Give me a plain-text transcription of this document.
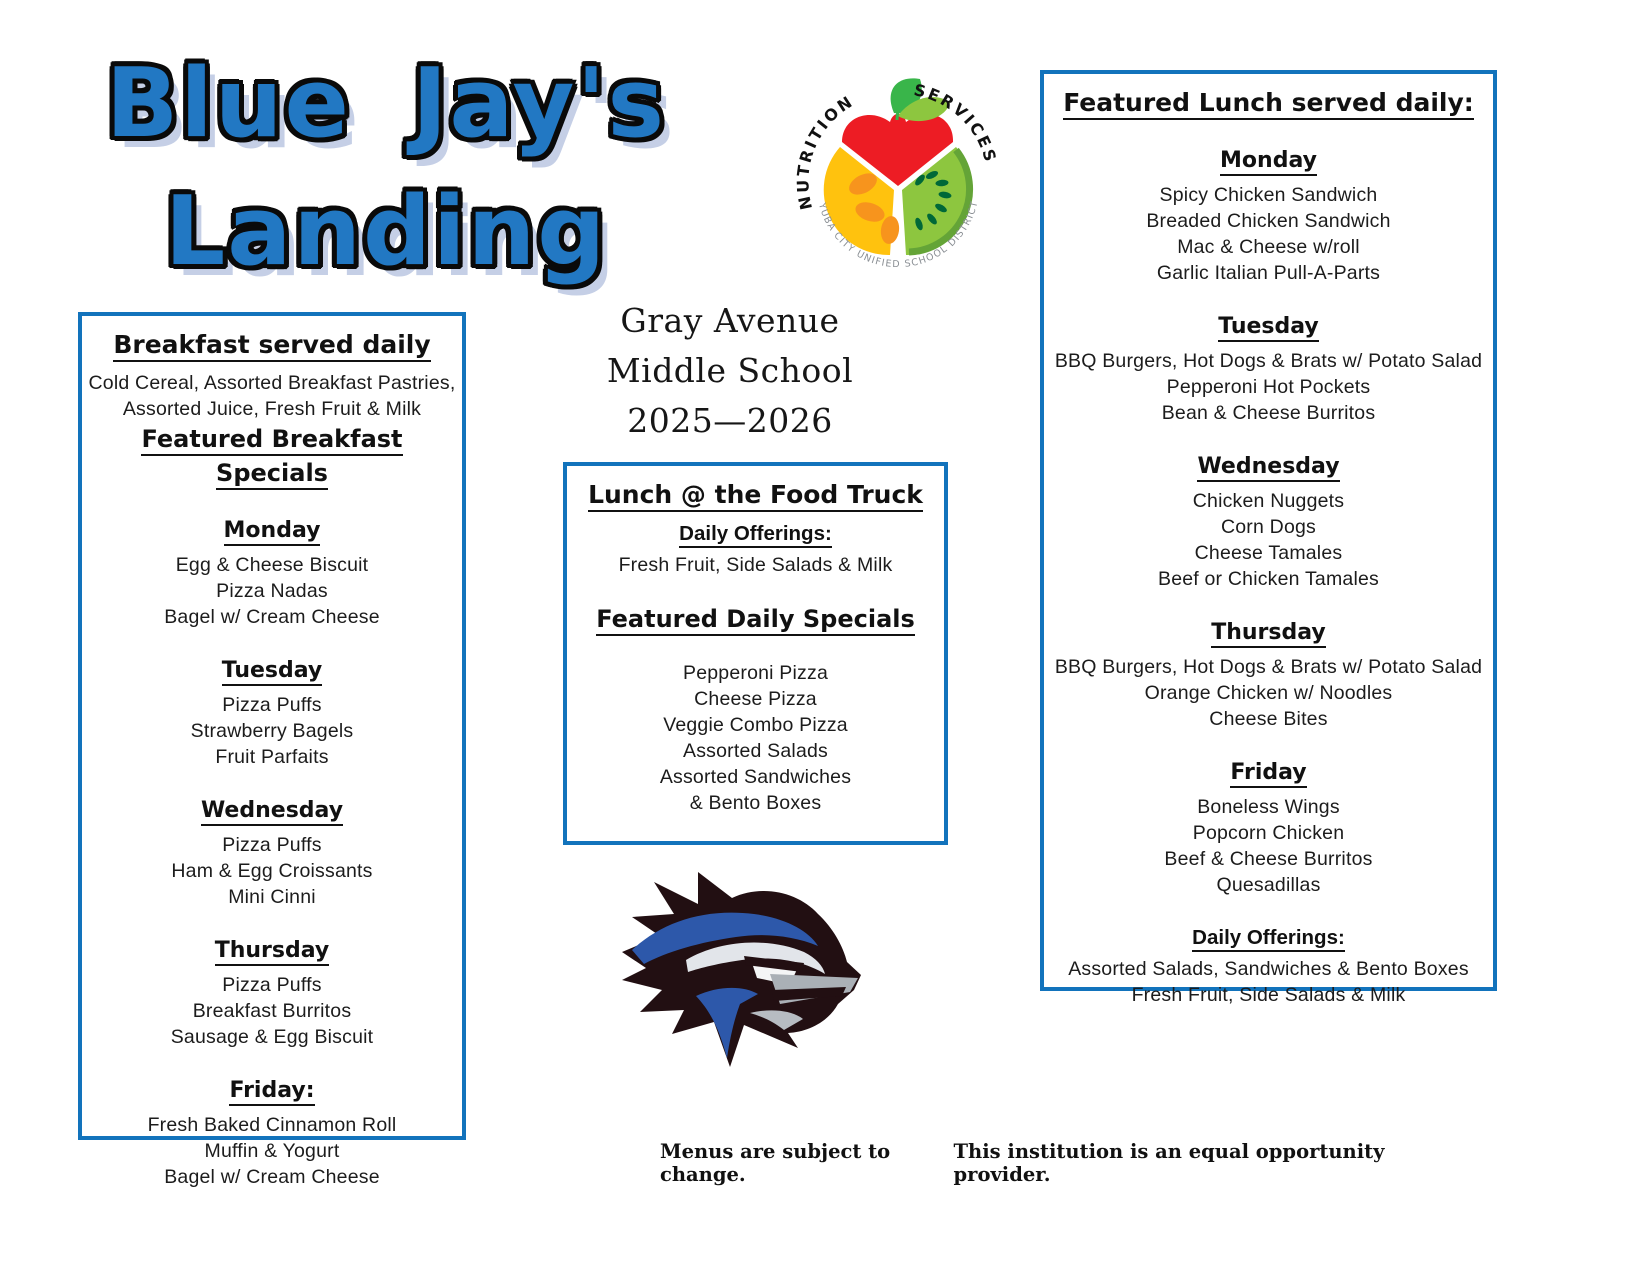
Blue Jay's
Landing	NUTRITION
SERVICES
YUBA CITY UNIFIED SCHOOL DISTRICT
Gray Avenue
Middle School
2025—2026
Breakfast served daily
Cold Cereal, Assorted Breakfast Pastries,
Assorted Juice, Fresh Fruit & Milk
Featured Breakfast Specials
Monday
Egg & Cheese Biscuit
Pizza Nadas
Bagel w/ Cream Cheese
Tuesday
Pizza Puffs
Strawberry Bagels
Fruit Parfaits
Wednesday
Pizza Puffs
Ham & Egg Croissants
Mini Cinni
Thursday
Pizza Puffs
Breakfast Burritos
Sausage & Egg Biscuit
Friday:
Fresh Baked Cinnamon Roll
Muffin & Yogurt
Bagel w/ Cream Cheese
Lunch @ the Food Truck
Daily Offerings:
Fresh Fruit, Side Salads & Milk
Featured Daily Specials
Pepperoni Pizza
Cheese Pizza
Veggie Combo Pizza
Assorted Salads
Assorted Sandwiches
& Bento Boxes
Featured Lunch served daily:
Monday
Spicy Chicken Sandwich
Breaded Chicken Sandwich
Mac & Cheese w/roll
Garlic Italian Pull-A-Parts
Tuesday
BBQ Burgers, Hot Dogs & Brats w/ Potato Salad
Pepperoni Hot Pockets
Bean & Cheese Burritos
Wednesday
Chicken Nuggets
Corn Dogs
Cheese Tamales
Beef or Chicken Tamales
Thursday
BBQ Burgers, Hot Dogs & Brats w/ Potato Salad
Orange Chicken w/ Noodles
Cheese Bites
Friday
Boneless Wings
Popcorn Chicken
Beef & Cheese Burritos
Quesadillas
Daily Offerings:
Assorted Salads, Sandwiches & Bento Boxes
Fresh Fruit, Side Salads & Milk
Menus are subject to change.
This institution is an equal opportunity provider.
